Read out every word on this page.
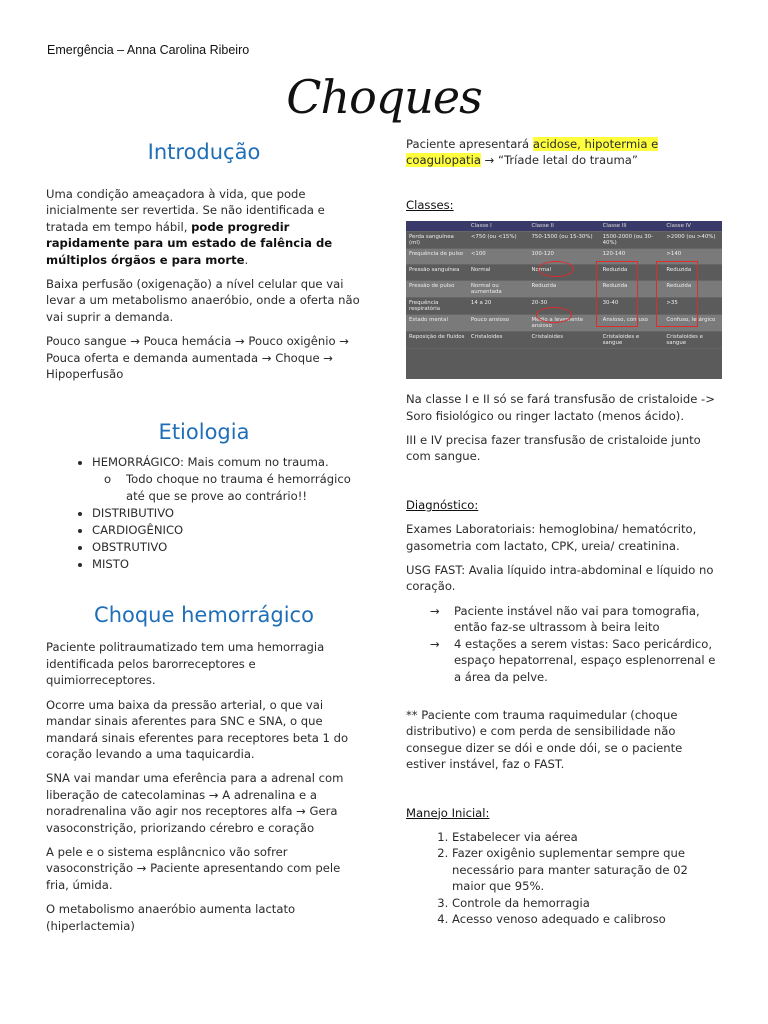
Emergência – Anna Carolina Ribeiro
Choques
Introdução

Uma condição ameaçadora à vida, que pode inicialmente ser revertida. Se não identificada e tratada em tempo hábil, pode progredir rapidamente para um estado de falência de múltiplos órgãos e para morte.

Baixa perfusão (oxigenação) a nível celular que vai levar a um metabolismo anaeróbio, onde a oferta não vai suprir a demanda.

Pouco sangue → Pouca hemácia → Pouco oxigênio → Pouca oferta e demanda aumentada → Choque → Hipoperfusão

Etiologia
• HEMORRÁGICO: Mais comum no trauma.
o Todo choque no trauma é hemorrágico até que se prove ao contrário!!
• DISTRIBUTIVO
• CARDIOGÊNICO
• OBSTRUTIVO
• MISTO
Choque hemorrágico

Paciente politraumatizado tem uma hemorragia identificada pelos barorreceptores e quimiorreceptores.

Ocorre uma baixa da pressão arterial, o que vai mandar sinais aferentes para SNC e SNA, o que mandará sinais eferentes para receptores beta 1 do coração levando a uma taquicardia.

SNA vai mandar uma eferência para a adrenal com liberação de catecolaminas → A adrenalina e a noradrenalina vão agir nos receptores alfa → Gera vasoconstrição, priorizando cérebro e coração

A pele e o sistema esplâncnico vão sofrer vasoconstrição → Paciente apresentando com pele fria, úmida.

O metabolismo anaeróbio aumenta lactato (hiperlactemia)

Paciente apresentará acidose, hipotermia e coagulopatia → “Tríade letal do trauma”

Classes:

	Classe I	Classe II	Classe III	Classe IV
Perda sanguínea (ml)	<750 (ou <15%)	750-1500 (ou 15-30%)	1500-2000 (ou 30-40%)	>2000 (ou >40%)
Frequência de pulso	<100	100-120	120-140	>140
Pressão sanguínea	Normal	Normal	Reduzida	Reduzida
Pressão de pulso	Normal ou aumentada	Reduzida	Reduzida	Reduzida
Frequência respiratória	14 a 20	20-30	30-40	>35
Estado mental	Pouco ansioso	Médio a levemente ansioso	Ansioso, confuso	Confuso, letárgico
Reposição de fluidos	Cristaloides	Cristaloides	Cristaloides e sangue	Cristaloides e sangue

Na classe I e II só se fará transfusão de cristaloide -> Soro fisiológico ou ringer lactato (menos ácido).

III e IV precisa fazer transfusão de cristaloide junto com sangue.

Diagnóstico:

Exames Laboratoriais: hemoglobina/ hematócrito, gasometria com lactato, CPK, ureia/ creatinina.

USG FAST: Avalia líquido intra-abdominal e líquido no coração.

→ Paciente instável não vai para tomografia, então faz-se ultrassom à beira leito
→ 4 estações a serem vistas: Saco pericárdico, espaço hepatorrenal, espaço esplenorrenal e a área da pelve.

** Paciente com trauma raquimedular (choque distributivo) e com perda de sensibilidade não consegue dizer se dói e onde dói, se o paciente estiver instável, faz o FAST.

Manejo Inicial:

1. Estabelecer via aérea
2. Fazer oxigênio suplementar sempre que necessário para manter saturação de 02 maior que 95%.
3. Controle da hemorragia
4. Acesso venoso adequado e calibroso
